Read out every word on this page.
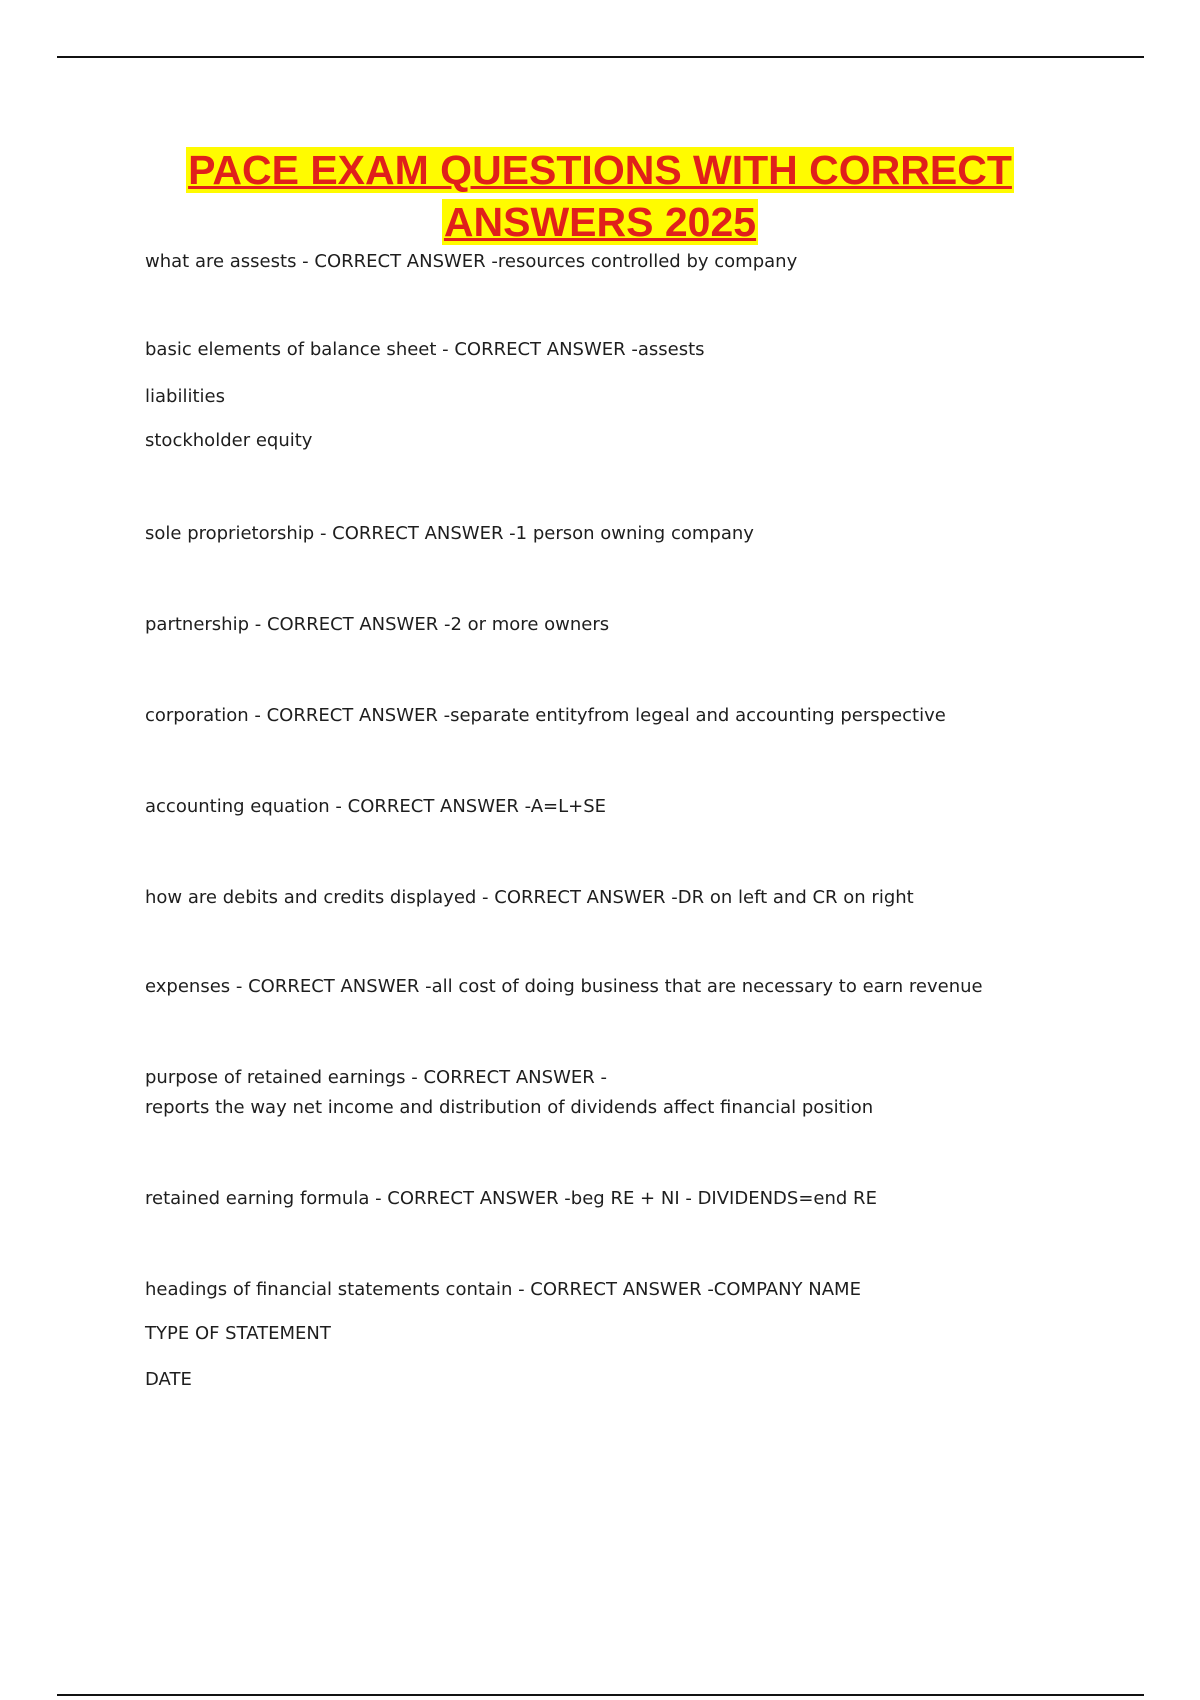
PACE EXAM QUESTIONS WITH CORRECT
ANSWERS 2025
what are assests - CORRECT ANSWER -resources controlled by company
basic elements of balance sheet - CORRECT ANSWER -assests
liabilities
stockholder equity
sole proprietorship - CORRECT ANSWER -1 person owning company
partnership - CORRECT ANSWER -2 or more owners
corporation - CORRECT ANSWER -separate entityfrom legeal and accounting perspective
accounting equation - CORRECT ANSWER -A=L+SE
how are debits and credits displayed - CORRECT ANSWER -DR on left and CR on right
expenses - CORRECT ANSWER -all cost of doing business that are necessary to earn revenue
purpose of retained earnings - CORRECT ANSWER -
reports the way net income and distribution of dividends affect financial position
retained earning formula - CORRECT ANSWER -beg RE + NI - DIVIDENDS=end RE
headings of financial statements contain - CORRECT ANSWER -COMPANY NAME
TYPE OF STATEMENT
DATE
